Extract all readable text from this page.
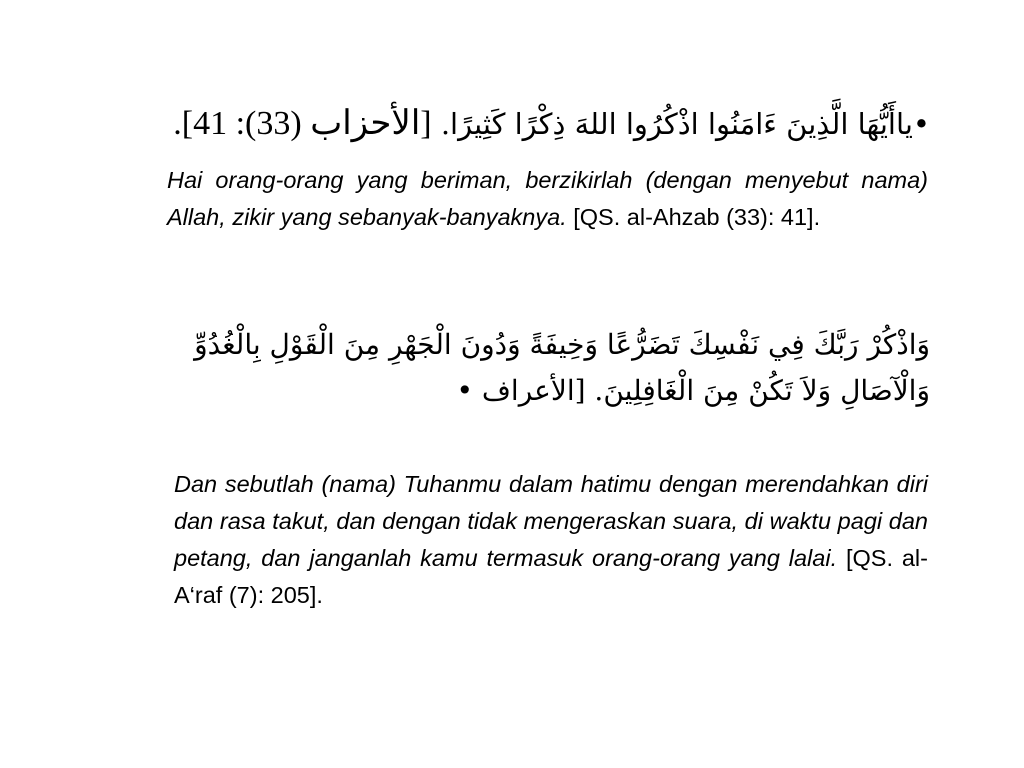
•ياأَيُّهَا الَّذِينَ ءَامَنُوا اذْكُرُوا اللهَ ذِكْرًا كَثِيرًا. [الأحزاب (33): 41].
Hai orang-orang yang beriman, berzikirlah (dengan menyebut nama) Allah, zikir yang sebanyak-banyaknya. [QS. al-Ahzab (33): 41].
وَاذْكُرْ رَبَّكَ فِي نَفْسِكَ تَضَرُّعًا وَخِيفَةً وَدُونَ الْجَهْرِ مِنَ الْقَوْلِ بِالْغُدُوِّ وَالْآصَالِ وَلاَ تَكُنْ مِنَ الْغَافِلِينَ. [الأعراف •
Dan sebutlah (nama) Tuhanmu dalam hatimu dengan merendahkan diri dan rasa takut, dan dengan tidak mengeraskan suara, di waktu pagi dan petang, dan janganlah kamu termasuk orang-orang yang lalai. [QS. al-A‘raf (7): 205].
